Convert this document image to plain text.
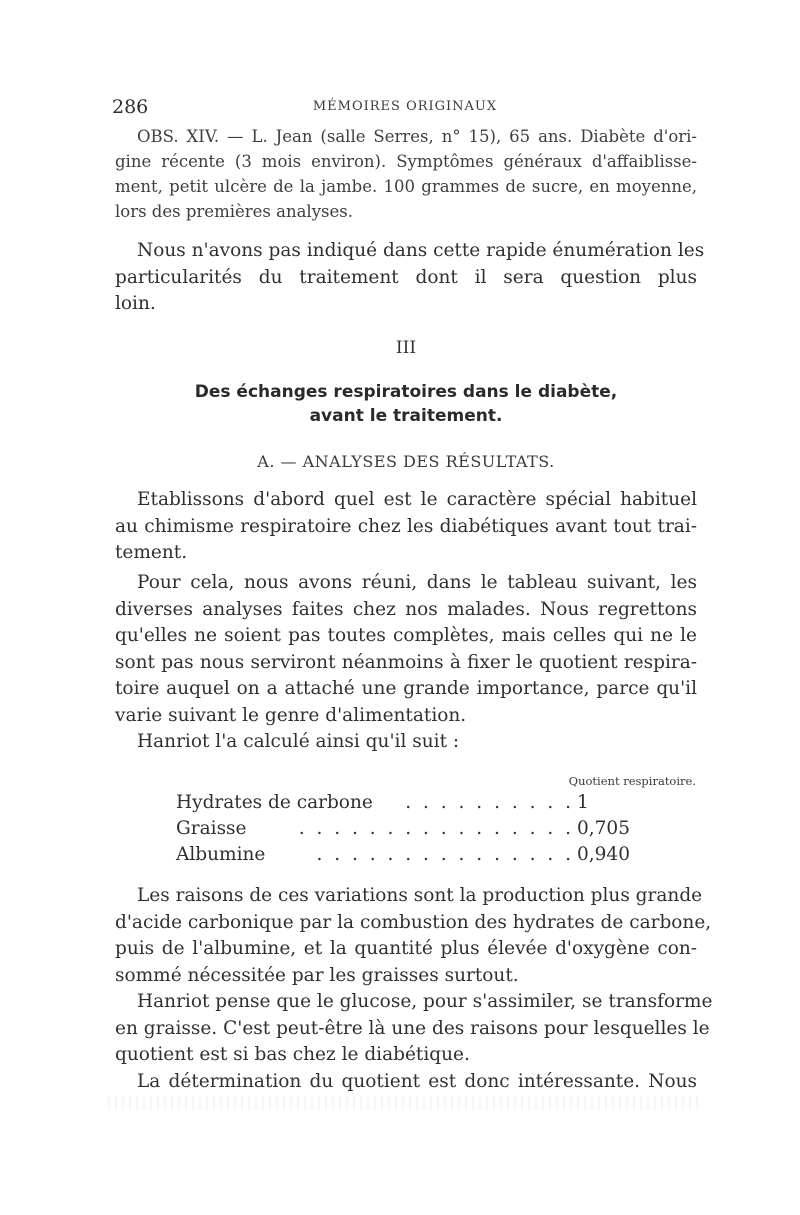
286	MÉMOIRES ORIGINAUX
OBS. XIV. — L. Jean (salle Serres, n° 15), 65 ans. Diabète d'ori-
gine récente (3 mois environ). Symptômes généraux d'affaiblisse-
ment, petit ulcère de la jambe. 100 grammes de sucre, en moyenne,
lors des premières analyses.
Nous n'avons pas indiqué dans cette rapide énumération les
particularités du traitement dont il sera question plus
loin.
III
Des échanges respiratoires dans le diabète,
avant le traitement.
A. — ANALYSES DES RÉSULTATS.
Etablissons d'abord quel est le caractère spécial habituel
au chimisme respiratoire chez les diabétiques avant tout trai-
tement.
Pour cela, nous avons réuni, dans le tableau suivant, les
diverses analyses faites chez nos malades. Nous regrettons
qu'elles ne soient pas toutes complètes, mais celles qui ne le
sont pas nous serviront néanmoins à fixer le quotient respira-
toire auquel on a attaché une grande importance, parce qu'il
varie suivant le genre d'alimentation.
Hanriot l'a calculé ainsi qu'il suit :
Quotient respiratoire.
Hydrates de carbone . . . . . . . . . . 1
Graisse	. . . . . . . . . . . . . . . . 0,705
Albumine	. . . . . . . . . . . . . . . 0,940
Les raisons de ces variations sont la production plus grande
d'acide carbonique par la combustion des hydrates de carbone,
puis de l'albumine, et la quantité plus élevée d'oxygène con-
sommé nécessitée par les graisses surtout.
Hanriot pense que le glucose, pour s'assimiler, se transforme
en graisse. C'est peut-être là une des raisons pour lesquelles le
quotient est si bas chez le diabétique.
La détermination du quotient est donc intéressante. Nous
